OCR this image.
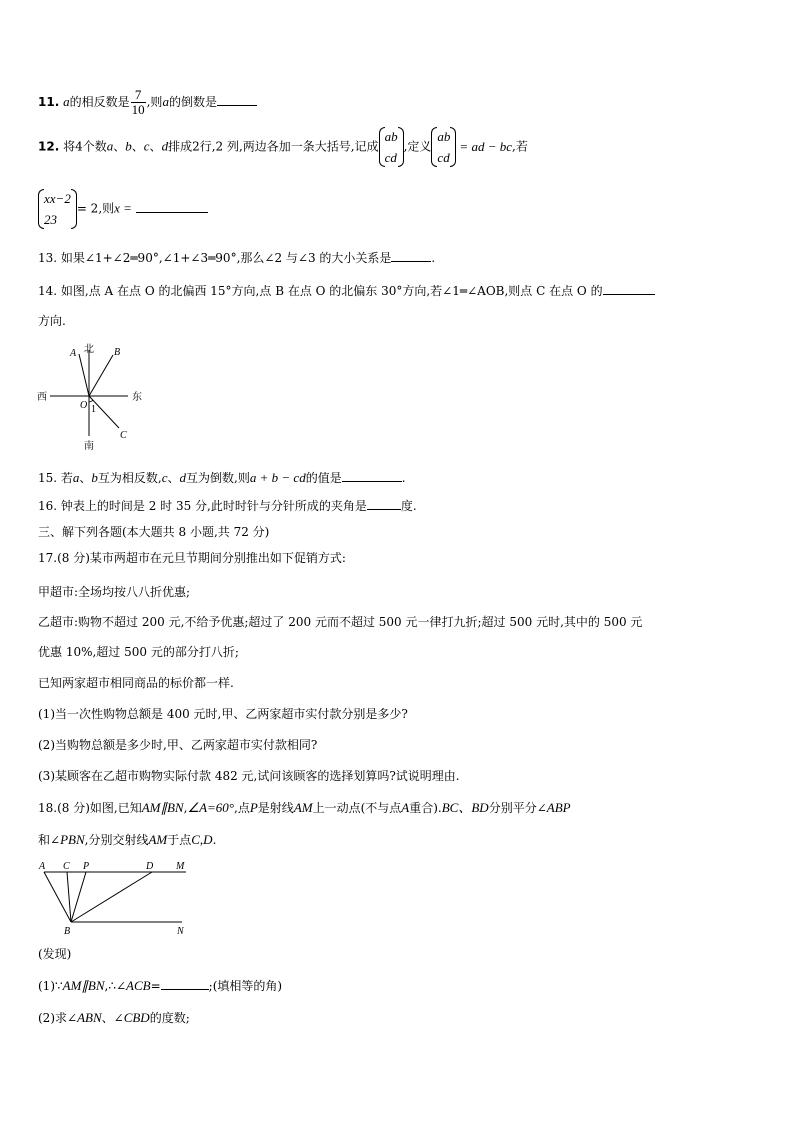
11. a的相反数是 $\frac{7}{10}$ ,则a的倒数是
12. 将4个数a、b、c、d排成2行,2 列,两边各加一条大括号,记成
ab
cd
,定义
ab
cd
= ad − bc,若
xx−2
23
= 2,则x =
13. 如果∠1+∠2═90°,∠1+∠3═90°,那么∠2 与∠3 的大小关系是	.
14. 如图,点 A 在点 O 的北偏西 15°方向,点 B 在点 O 的北偏东 30°方向,若∠1═∠AOB,则点 C 在点 O 的
方向.
北
南
西	东
A	B
C
O 1
15. 若a、b互为相反数,c、d互为倒数,则a + b − cd的值是	.
16. 钟表上的时间是 2 时 35 分,此时时针与分针所成的夹角是	度.
三、解下列各题(本大题共 8 小题,共 72 分)
17.(8 分)某市两超市在元旦节期间分别推出如下促销方式:
甲超市:全场均按八八折优惠;
乙超市:购物不超过 200 元,不给予优惠;超过了 200 元而不超过 500 元一律打九折;超过 500 元时,其中的 500 元
优惠 10%,超过 500 元的部分打八折;
已知两家超市相同商品的标价都一样.
(1)当一次性购物总额是 400 元时,甲、乙两家超市实付款分别是多少?
(2)当购物总额是多少时,甲、乙两家超市实付款相同?
(3)某顾客在乙超市购物实际付款 482 元,试问该顾客的选择划算吗?试说明理由.
18.(8 分)如图,已知AM∥BN,∠A=60°,点P是射线AM上一动点(不与点A重合).BC、BD分别平分∠ABP
和∠PBN,分别交射线AM于点C,D.
A C P	D M
B	N
(发现)
(1)∵AM∥BN,∴∠ACB=	;(填相等的角)
(2)求∠ABN、∠CBD的度数;
